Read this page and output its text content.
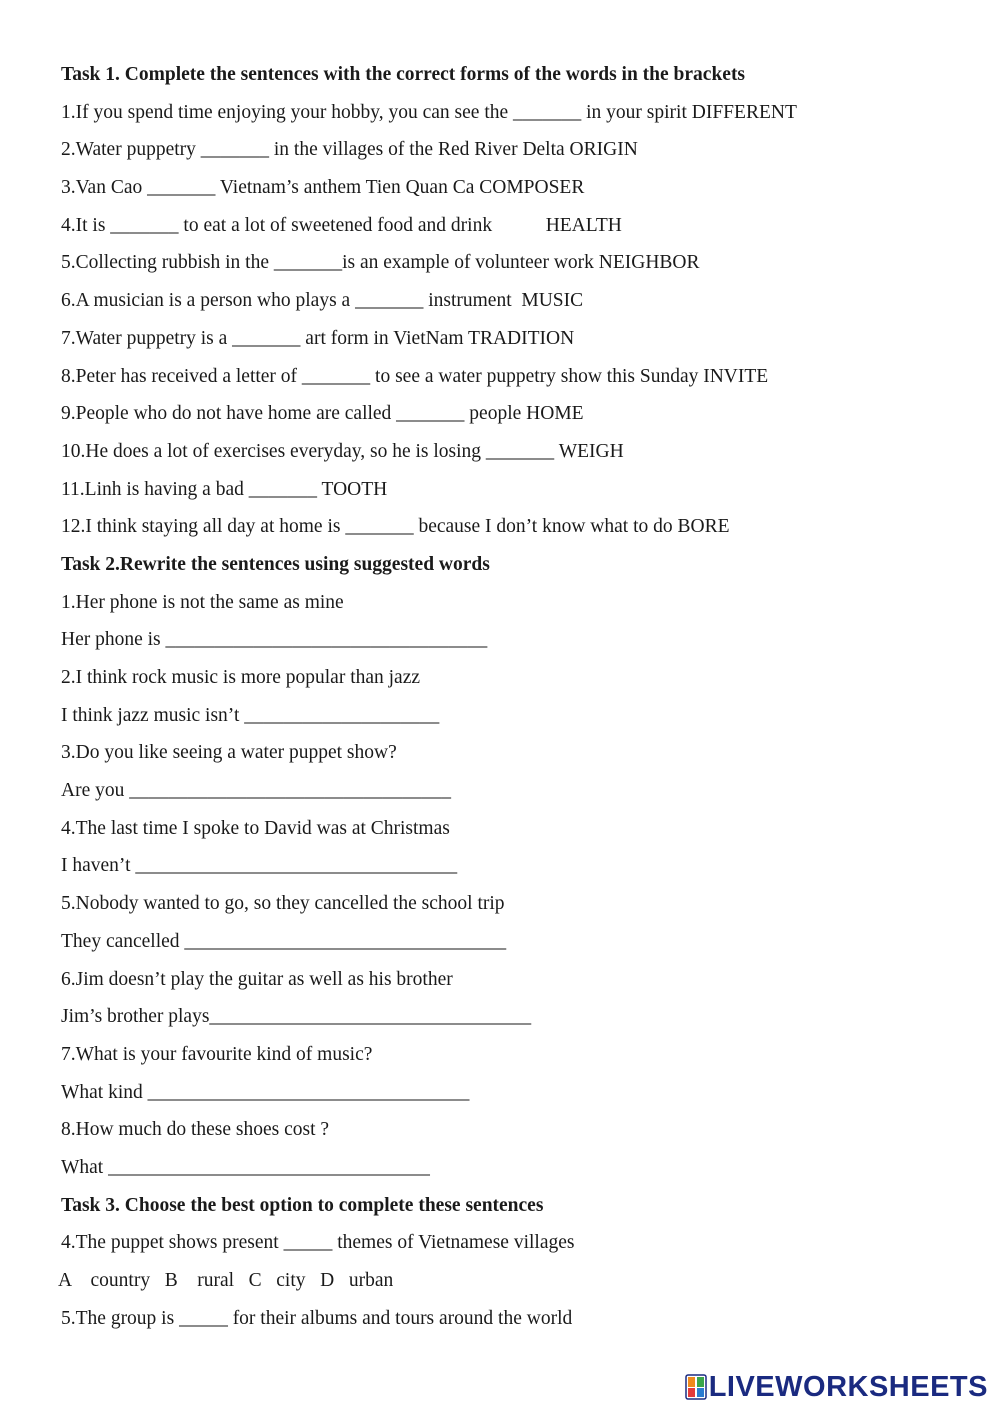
Task 1. Complete the sentences with the correct forms of the words in the brackets
1.If you spend time enjoying your hobby, you can see the _______ in your spirit DIFFERENT
2.Water puppetry _______ in the villages of the Red River Delta ORIGIN
3.Van Cao _______ Vietnam’s anthem Tien Quan Ca COMPOSER
4.It is _______ to eat a lot of sweetened food and drink           HEALTH
5.Collecting rubbish in the _______is an example of volunteer work NEIGHBOR
6.A musician is a person who plays a _______ instrument  MUSIC
7.Water puppetry is a _______ art form in VietNam TRADITION
8.Peter has received a letter of _______ to see a water puppetry show this Sunday INVITE
9.People who do not have home are called _______ people HOME
10.He does a lot of exercises everyday, so he is losing _______ WEIGH
11.Linh is having a bad _______ TOOTH
12.I think staying all day at home is _______ because I don’t know what to do BORE
Task 2.Rewrite the sentences using suggested words
1.Her phone is not the same as mine
Her phone is _________________________________
2.I think rock music is more popular than jazz
I think jazz music isn’t ____________________
3.Do you like seeing a water puppet show?
Are you _________________________________
4.The last time I spoke to David was at Christmas
I haven’t _________________________________
5.Nobody wanted to go, so they cancelled the school trip
They cancelled _________________________________
6.Jim doesn’t play the guitar as well as his brother
Jim’s brother plays_________________________________
7.What is your favourite kind of music?
What kind _________________________________
8.How much do these shoes cost ?
What _________________________________
Task 3. Choose the best option to complete these sentences
4.The puppet shows present _____ themes of Vietnamese villages
A    country   B    rural   C   city   D   urban
5.The group is _____ for their albums and tours around the world
LIVEWORKSHEETS
